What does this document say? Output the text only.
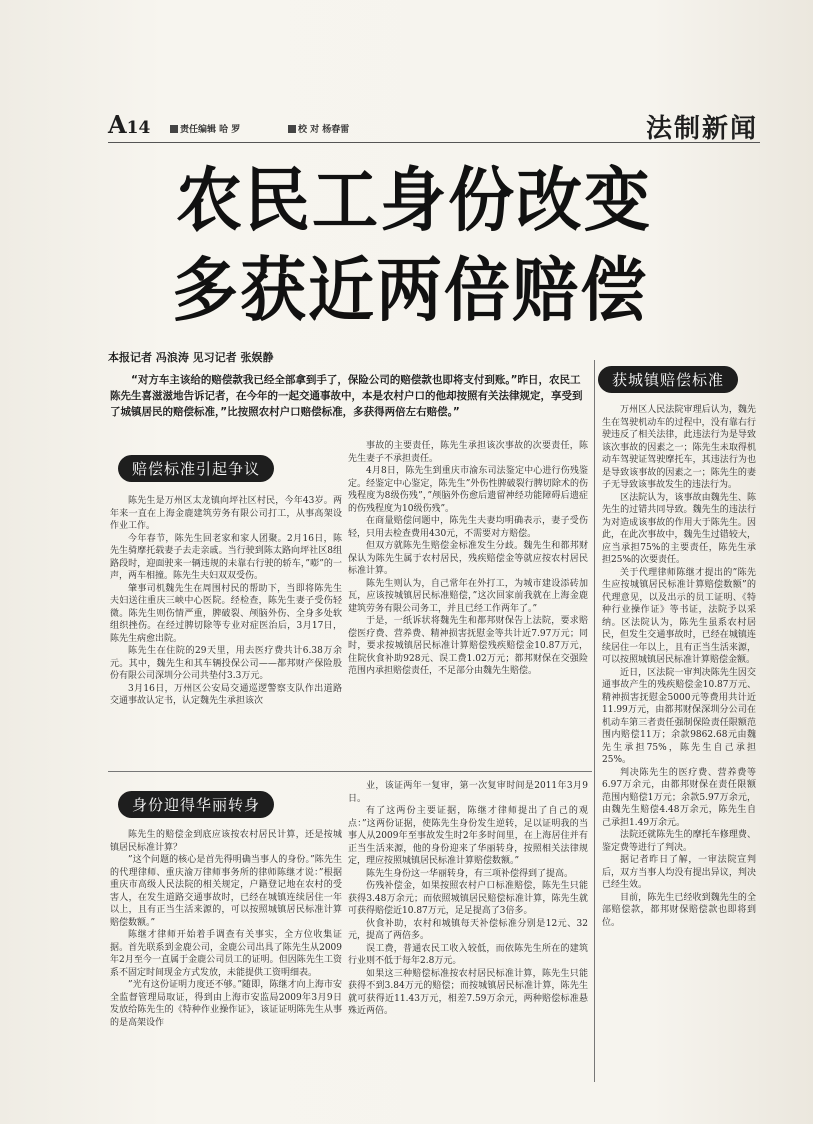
A14	责任编辑 哈 罗	校 对 杨春雷	法制新闻
农民工身份改变
多获近两倍赔偿
本报记者 冯浪涛 见习记者 张娱静
“对方车主该给的赔偿款我已经全部拿到手了，保险公司的赔偿款也即将支付到账。”昨日，农民工陈先生喜滋滋地告诉记者，在今年的一起交通事故中，本是农村户口的他却按照有关法律规定，享受到了城镇居民的赔偿标准，”比按照农村户口赔偿标准，多获得两倍左右赔偿。”
赔偿标准引起争议
身份迎得华丽转身
获城镇赔偿标准

陈先生是万州区太龙镇向坪社区村民，今年43岁。两年来一直在上海金鹿建筑劳务有限公司打工，从事高架设作业工作。

今年春节，陈先生回老家和家人团聚。2月16日，陈先生骑摩托载妻子去走亲戚。当行驶到陈太路向坪社区8组路段时，迎面驶来一辆违规的未靠右行驶的轿车，”嘭”的一声，两车相撞。陈先生夫妇双双受伤。

肇事司机魏先生在周围村民的帮助下，当即将陈先生夫妇送往重庆三峡中心医院。经检查，陈先生妻子受伤轻微。陈先生则伤情严重，脾破裂、颅脑外伤、全身多处软组织挫伤。在经过脾切除等专业对症医治后，3月17日，陈先生病愈出院。

陈先生在住院的29天里，用去医疗费共计6.38万余元。其中，魏先生和其车辆投保公司——都邦财产保险股份有限公司深圳分公司共垫付3.3万元。

3月16日，万州区公安局交通巡逻警察支队作出道路交通事故认定书，认定魏先生承担该次

事故的主要责任，陈先生承担该次事故的次要责任，陈先生妻子不承担责任。

4月8日，陈先生到重庆市渝东司法鉴定中心进行伤残鉴定。经鉴定中心鉴定，陈先生”外伤性脾破裂行脾切除术的伤残程度为8级伤残”，”颅脑外伤愈后遗留神经功能障碍后遗症的伤残程度为10级伤残”。

在商量赔偿问题中，陈先生夫妻均明确表示，妻子受伤轻，只用去检查费用430元，不需要对方赔偿。

但双方就陈先生赔偿金标准发生分歧。魏先生和都邦财保认为陈先生属于农村居民，残疾赔偿金等就应按农村居民标准计算。

陈先生则认为，自己常年在外打工，为城市建设添砖加瓦，应该按城镇居民标准赔偿，”这次回家前我就在上海金鹿建筑劳务有限公司务工，并且已经工作两年了。”

于是，一纸诉状将魏先生和都邦财保告上法院，要求赔偿医疗费、营养费、精神损害抚慰金等共计近7.97万元；同时，要求按城镇居民标准计算赔偿残疾赔偿金10.87万元，住院伙食补助928元、误工费1.02万元；都邦财保在交强险范围内承担赔偿责任，不足部分由魏先生赔偿。

陈先生的赔偿金到底应该按农村居民计算，还是按城镇居民标准计算？

”这个问题的核心是首先得明确当事人的身份。”陈先生的代理律师、重庆渝万律师事务所的律师陈继才说：”根据重庆市高级人民法院的相关规定，户籍登记地在农村的受害人，在发生道路交通事故时，已经在城镇连续居住一年以上，且有正当生活来源的，可以按照城镇居民标准计算赔偿数额。”

陈继才律师开始着手调查有关事实，全方位收集证据。首先联系到金鹿公司，金鹿公司出具了陈先生从2009年2月至今一直属于金鹿公司员工的证明。但因陈先生工资系不固定时间现金方式发放，未能提供工资明细表。

”光有这份证明力度还不够。”随即，陈继才向上海市安全监督管理局取证，得到由上海市安监局2009年3月9日发放给陈先生的《特种作业操作证》，该证证明陈先生从事的是高架设作

业，该证两年一复审，第一次复审时间是2011年3月9日。

有了这两份主要证据，陈继才律师提出了自己的观点：”这两份证据，使陈先生身份发生逆转，足以证明我的当事人从2009年至事故发生时2年多时间里，在上海居住并有正当生活来源，他的身份迎来了华丽转身，按照相关法律规定，理应按照城镇居民标准计算赔偿数额。”

陈先生身份这一华丽转身，有三项补偿得到了提高。

伤残补偿金，如果按照农村户口标准赔偿，陈先生只能获得3.48万余元；而依照城镇居民赔偿标准计算，陈先生就可获得赔偿近10.87万元，足足提高了3倍多。

伙食补助，农村和城镇每天补偿标准分别是12元、32元，提高了两倍多。

误工费，普通农民工收入较低，而依陈先生所在的建筑行业则不低于每年2.8万元。

如果这三种赔偿标准按农村居民标准计算，陈先生只能获得不到3.84万元的赔偿；而按城镇居民标准计算，陈先生就可获得近11.43万元，相差7.59万余元，两种赔偿标准悬殊近两倍。

万州区人民法院审理后认为，魏先生在驾驶机动车的过程中，没有靠右行驶违反了相关法律，此违法行为是导致该次事故的因素之一；陈先生未取得机动车驾驶证驾驶摩托车，其违法行为也是导致该事故的因素之一；陈先生的妻子无导致该事故发生的违法行为。

区法院认为，该事故由魏先生、陈先生的过错共同导致。魏先生的违法行为对造成该事故的作用大于陈先生。因此，在此次事故中，魏先生过错较大，应当承担75%的主要责任，陈先生承担25%的次要责任。

关于代理律师陈继才提出的”陈先生应按城镇居民标准计算赔偿数额”的代理意见，以及出示的员工证明、《特种行业操作证》等书证，法院予以采纳。区法院认为，陈先生虽系农村居民，但发生交通事故时，已经在城镇连续居住一年以上，且有正当生活来源，可以按照城镇居民标准计算赔偿金额。

近日，区法院一审判决陈先生因交通事故产生的残疾赔偿金10.87万元、精神损害抚慰金5000元等费用共计近11.99万元，由都邦财保深圳分公司在机动车第三者责任强制保险责任限额范围内赔偿11万；余款9862.68元由魏先生承担75%，陈先生自己承担25%。

判决陈先生的医疗费、营养费等6.97万余元，由都邦财保在责任限额范围内赔偿1万元；余款5.97万余元，由魏先生赔偿4.48万余元，陈先生自己承担1.49万余元。

法院还就陈先生的摩托车修理费、鉴定费等进行了判决。

据记者昨日了解，一审法院宣判后，双方当事人均没有提出异议，判决已经生效。

目前，陈先生已经收到魏先生的全部赔偿款，都邦财保赔偿款也即将到位。
